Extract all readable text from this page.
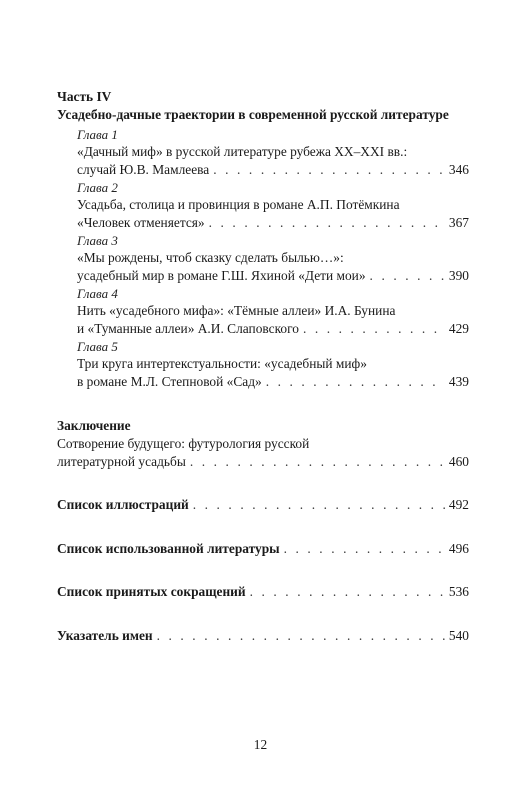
Часть IV
Усадебно-дачные траектории в современной русской литературе
Глава 1
«Дачный миф» в русской литературе рубежа XX–XXI вв.:
случай Ю.В. Мамлеева . . .	346
Глава 2
Усадьба, столица и провинция в романе А.П. Потёмкина
«Человек отменяется» . . .	367
Глава 3
«Мы рождены, чтоб сказку сделать былью…»:
усадебный мир в романе Г.Ш. Яхиной «Дети мои» . . .	390
Глава 4
Нить «усадебного мифа»: «Тёмные аллеи» И.А. Бунина
и «Туманные аллеи» А.И. Слаповского . . .	429
Глава 5
Три круга интертекстуальности: «усадебный миф»
в романе М.Л. Степновой «Сад» . . .	439
Заключение
Сотворение будущего: футурология русской
литературной усадьбы . . .	460
Список иллюстраций . . .	492
Список использованной литературы . . .	496
Список принятых сокращений . . .	536
Указатель имен . . .	540
12
